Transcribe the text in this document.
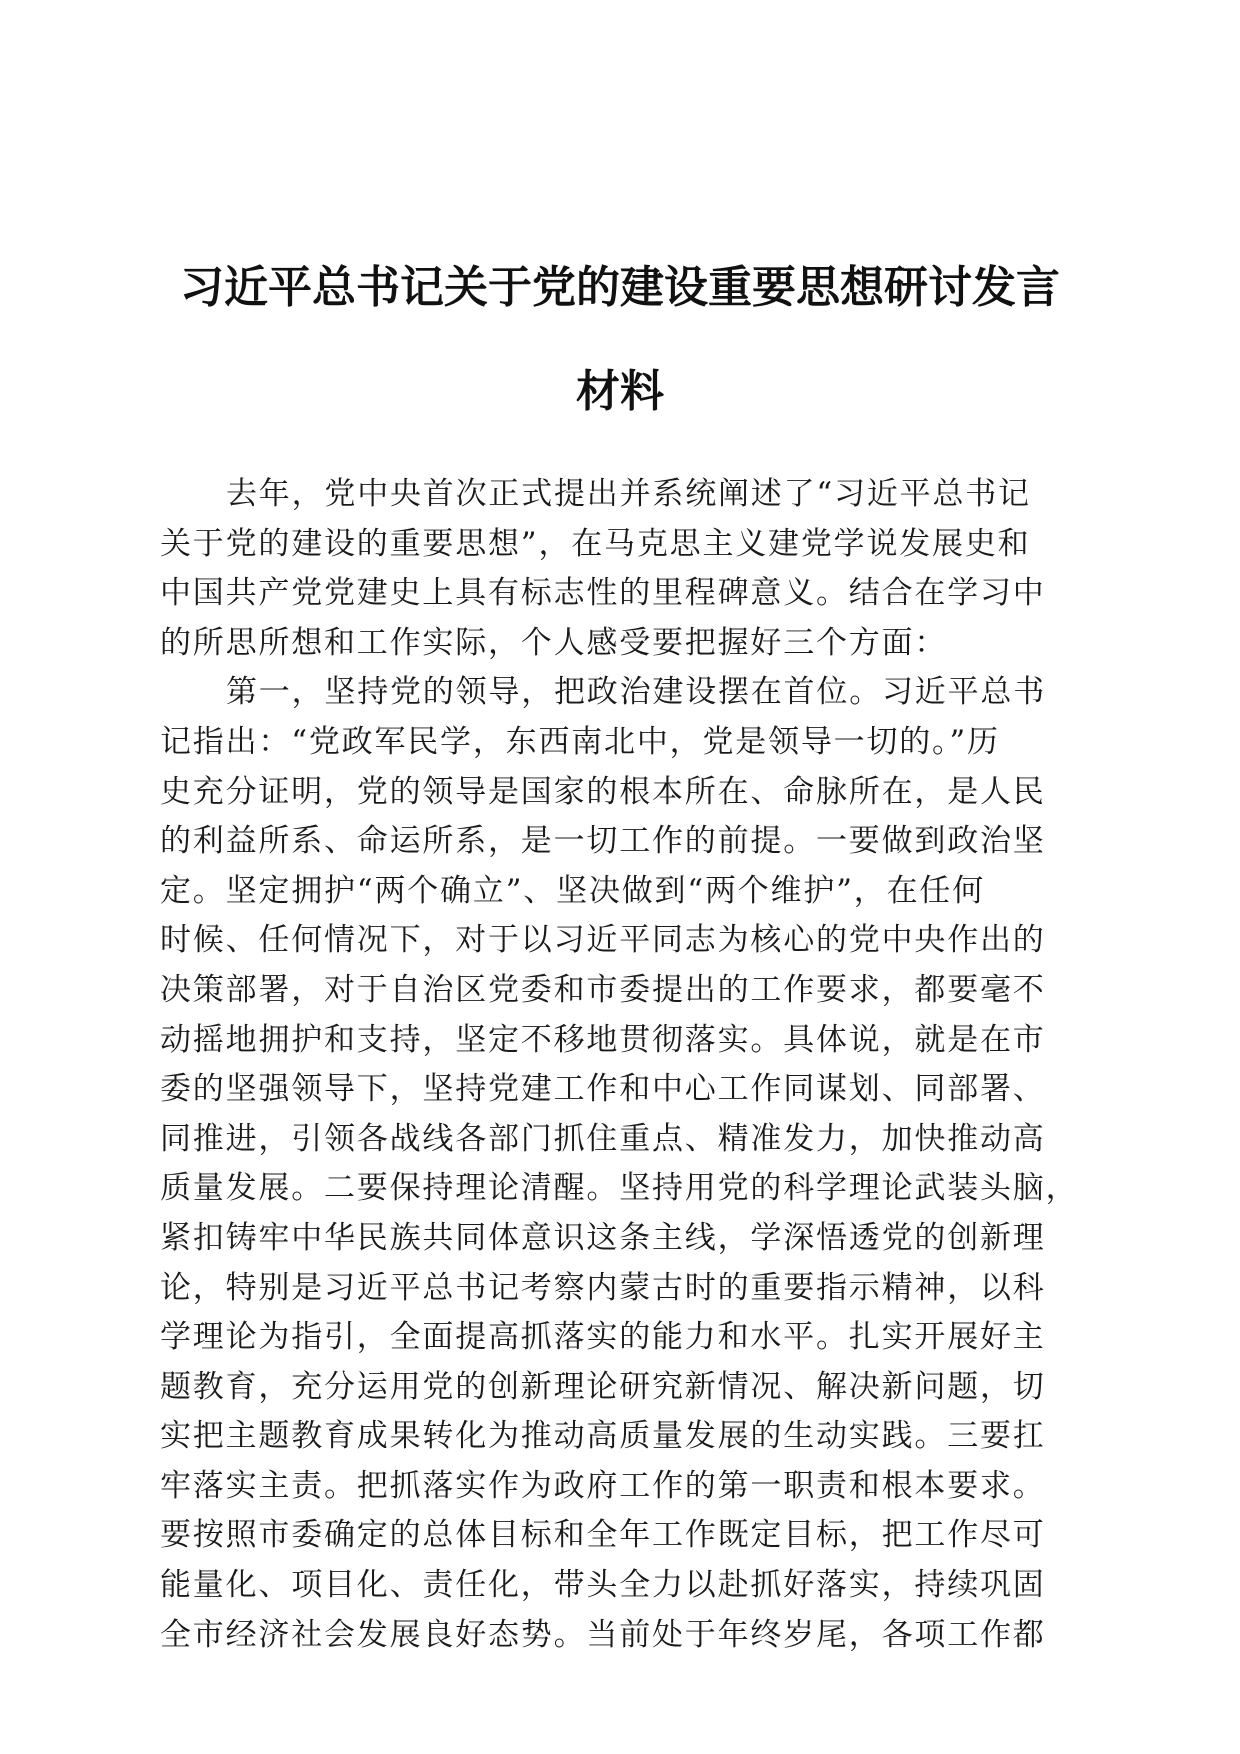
习近平总书记关于党的建设重要思想研讨发言
材料
去年，党中央首次正式提出并系统阐述了“习近平总书记
关于党的建设的重要思想”，在马克思主义建党学说发展史和
中国共产党党建史上具有标志性的里程碑意义。结合在学习中
的所思所想和工作实际，个人感受要把握好三个方面：
第一，坚持党的领导，把政治建设摆在首位。习近平总书
记指出：“党政军民学，东西南北中，党是领导一切的。”历
史充分证明，党的领导是国家的根本所在、命脉所在，是人民
的利益所系、命运所系，是一切工作的前提。一要做到政治坚
定。坚定拥护“两个确立”、坚决做到“两个维护”，在任何
时候、任何情况下，对于以习近平同志为核心的党中央作出的
决策部署，对于自治区党委和市委提出的工作要求，都要毫不
动摇地拥护和支持，坚定不移地贯彻落实。具体说，就是在市
委的坚强领导下，坚持党建工作和中心工作同谋划、同部署、
同推进，引领各战线各部门抓住重点、精准发力，加快推动高
质量发展。二要保持理论清醒。坚持用党的科学理论武装头脑，
紧扣铸牢中华民族共同体意识这条主线，学深悟透党的创新理
论，特别是习近平总书记考察内蒙古时的重要指示精神，以科
学理论为指引，全面提高抓落实的能力和水平。扎实开展好主
题教育，充分运用党的创新理论研究新情况、解决新问题，切
实把主题教育成果转化为推动高质量发展的生动实践。三要扛
牢落实主责。把抓落实作为政府工作的第一职责和根本要求。
要按照市委确定的总体目标和全年工作既定目标，把工作尽可
能量化、项目化、责任化，带头全力以赴抓好落实，持续巩固
全市经济社会发展良好态势。当前处于年终岁尾，各项工作都
